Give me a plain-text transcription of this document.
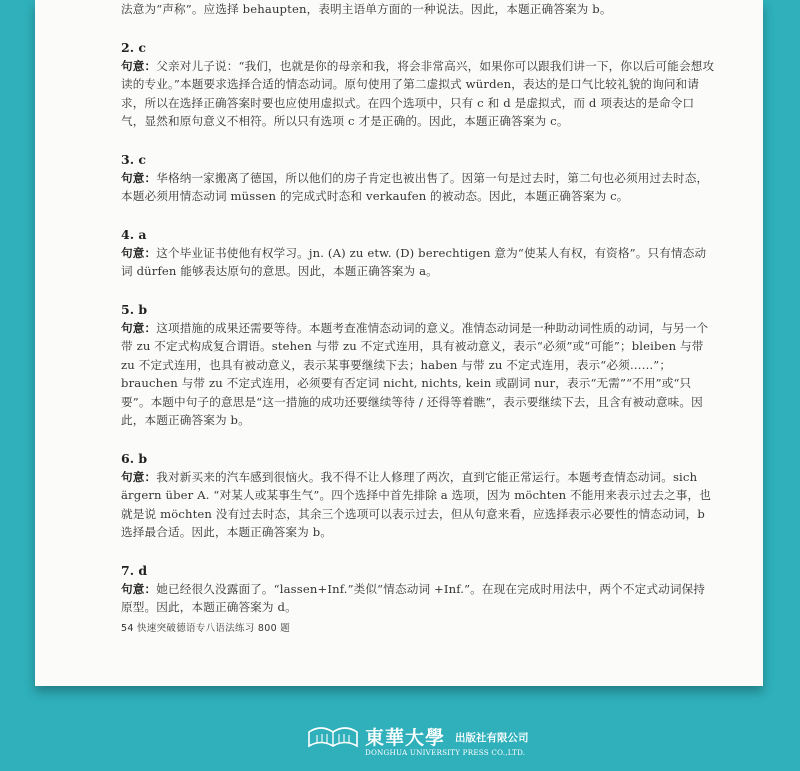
法意为“声称”。应选择 behaupten，表明主语单方面的一种说法。因此，本题正确答案为 b。

2. c

句意：父亲对儿子说：“我们，也就是你的母亲和我，将会非常高兴，如果你可以跟我们讲一下，你以后可能会想攻读的专业。”本题要求选择合适的情态动词。原句使用了第二虚拟式 würden，表达的是口气比较礼貌的询问和请求，所以在选择正确答案时要也应使用虚拟式。在四个选项中，只有 c 和 d 是虚拟式，而 d 项表达的是命令口气，显然和原句意义不相符。所以只有选项 c 才是正确的。因此，本题正确答案为 c。

3. c

句意：华格纳一家搬离了德国，所以他们的房子肯定也被出售了。因第一句是过去时，第二句也必须用过去时态，本题必须用情态动词 müssen 的完成式时态和 verkaufen 的被动态。因此，本题正确答案为 c。

4. a

句意：这个毕业证书使他有权学习。jn. (A) zu etw. (D) berechtigen 意为“使某人有权，有资格”。只有情态动词 dürfen 能够表达原句的意思。因此，本题正确答案为 a。

5. b

句意：这项措施的成果还需要等待。本题考查准情态动词的意义。准情态动词是一种助动词性质的动词，与另一个带 zu 不定式构成复合谓语。stehen 与带 zu 不定式连用，具有被动意义，表示“必须”或“可能”；bleiben 与带 zu 不定式连用，也具有被动意义，表示某事要继续下去；haben 与带 zu 不定式连用，表示“必须……”；brauchen 与带 zu 不定式连用，必须要有否定词 nicht, nichts, kein 或副词 nur，表示“无需”“不用”或“只要”。本题中句子的意思是“这一措施的成功还要继续等待 / 还得等着瞧”，表示要继续下去，且含有被动意味。因此，本题正确答案为 b。

6. b

句意：我对新买来的汽车感到很恼火。我不得不让人修理了两次，直到它能正常运行。本题考查情态动词。sich ärgern über A. “对某人或某事生气”。四个选择中首先排除 a 选项，因为 möchten 不能用来表示过去之事，也就是说 möchten 没有过去时态，其余三个选项可以表示过去，但从句意来看，应选择表示必要性的情态动词，b 选择最合适。因此，本题正确答案为 b。

7. d

句意：她已经很久没露面了。“lassen+Inf.”类似“情态动词 +Inf.”。在现在完成时用法中，两个不定式动词保持原型。因此，本题正确答案为 d。

54 快速突破德语专八语法练习 800 题
東華大學 出版社有限公司
DONGHUA UNIVERSITY PRESS CO.,LTD.
